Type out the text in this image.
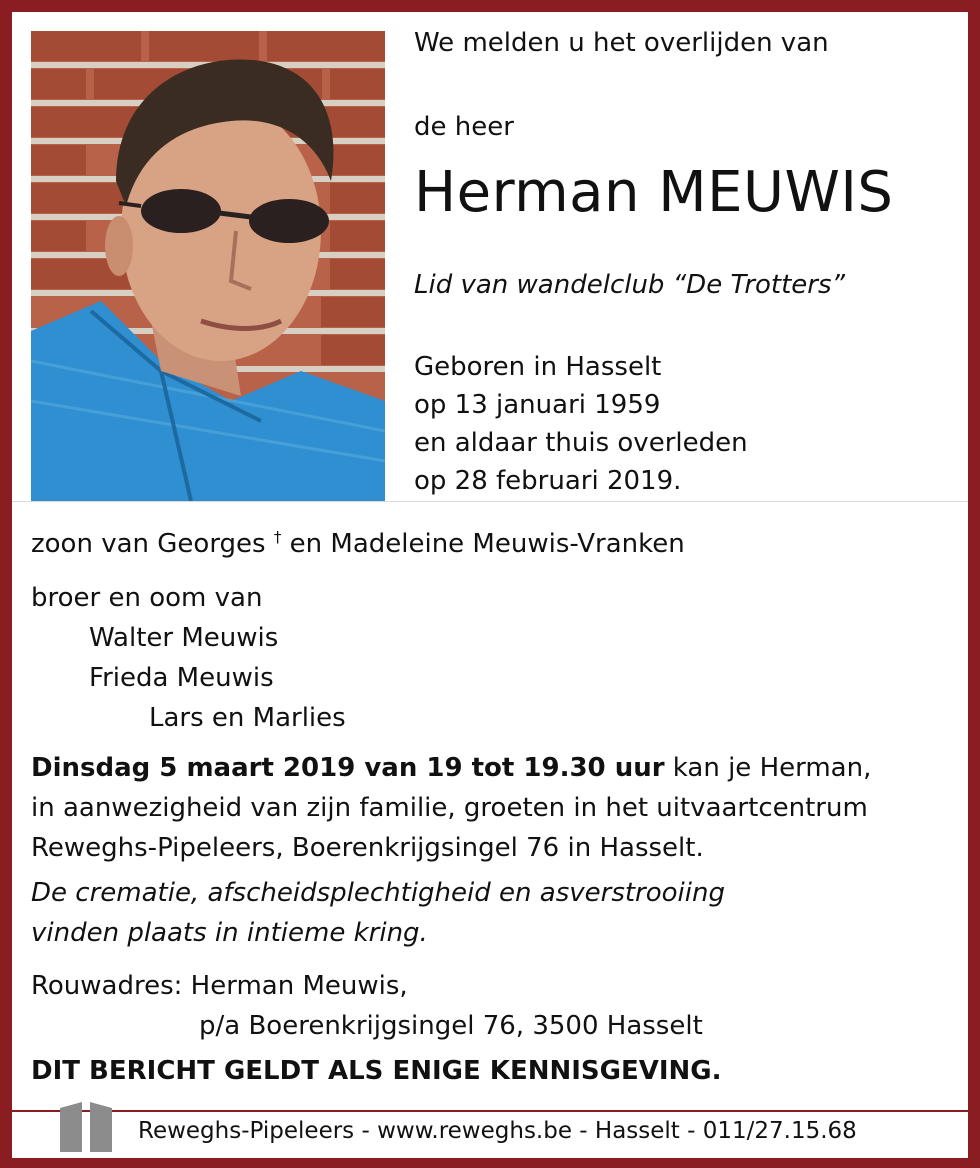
We melden u het overlijden van
de heer
Herman MEUWIS
Lid van wandelclub “De Trotters”
Geboren in Hasselt
op 13 januari 1959
en aldaar thuis overleden
op 28 februari 2019.
zoon van Georges † en Madeleine Meuwis-Vranken
broer en oom van
Walter Meuwis
Frieda Meuwis
Lars en Marlies
Dinsdag 5 maart 2019 van 19 tot 19.30 uur kan je Herman,
in aanwezigheid van zijn familie, groeten in het uitvaartcentrum
Reweghs-Pipeleers, Boerenkrijgsingel 76 in Hasselt.
De crematie, afscheidsplechtigheid en asverstrooiing
vinden plaats in intieme kring.
Rouwadres: Herman Meuwis,
p/a Boerenkrijgsingel 76, 3500 Hasselt
DIT BERICHT GELDT ALS ENIGE KENNISGEVING.
Reweghs-Pipeleers - www.reweghs.be - Hasselt - 011/27.15.68
